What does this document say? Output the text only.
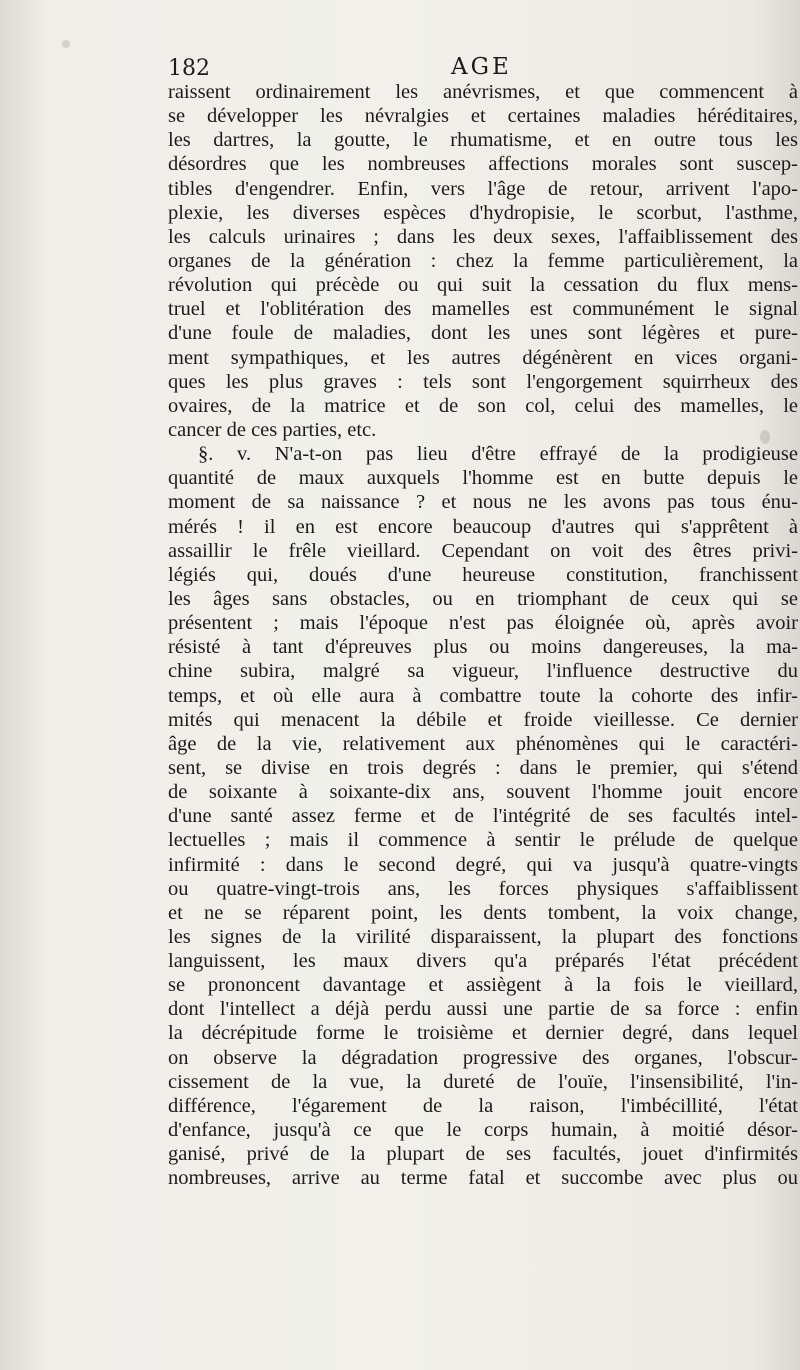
182	AGE
raissent ordinairement les anévrismes, et que commencent à
se développer les névralgies et certaines maladies héréditaires,
les dartres, la goutte, le rhumatisme, et en outre tous les
désordres que les nombreuses affections morales sont suscep-
tibles d'engendrer. Enfin, vers l'âge de retour, arrivent l'apo-
plexie, les diverses espèces d'hydropisie, le scorbut, l'asthme,
les calculs urinaires ; dans les deux sexes, l'affaiblissement des
organes de la génération : chez la femme particulièrement, la
révolution qui précède ou qui suit la cessation du flux mens-
truel et l'oblitération des mamelles est communément le signal
d'une foule de maladies, dont les unes sont légères et pure-
ment sympathiques, et les autres dégénèrent en vices organi-
ques les plus graves : tels sont l'engorgement squirrheux des
ovaires, de la matrice et de son col, celui des mamelles, le
cancer de ces parties, etc.
§. v. N'a-t-on pas lieu d'être effrayé de la prodigieuse
quantité de maux auxquels l'homme est en butte depuis le
moment de sa naissance ? et nous ne les avons pas tous énu-
mérés ! il en est encore beaucoup d'autres qui s'apprêtent à
assaillir le frêle vieillard. Cependant on voit des êtres privi-
légiés qui, doués d'une heureuse constitution, franchissent
les âges sans obstacles, ou en triomphant de ceux qui se
présentent ; mais l'époque n'est pas éloignée où, après avoir
résisté à tant d'épreuves plus ou moins dangereuses, la ma-
chine subira, malgré sa vigueur, l'influence destructive du
temps, et où elle aura à combattre toute la cohorte des infir-
mités qui menacent la débile et froide vieillesse. Ce dernier
âge de la vie, relativement aux phénomènes qui le caractéri-
sent, se divise en trois degrés : dans le premier, qui s'étend
de soixante à soixante-dix ans, souvent l'homme jouit encore
d'une santé assez ferme et de l'intégrité de ses facultés intel-
lectuelles ; mais il commence à sentir le prélude de quelque
infirmité : dans le second degré, qui va jusqu'à quatre-vingts
ou quatre-vingt-trois ans, les forces physiques s'affaiblissent
et ne se réparent point, les dents tombent, la voix change,
les signes de la virilité disparaissent, la plupart des fonctions
languissent, les maux divers qu'a préparés l'état précédent
se prononcent davantage et assiègent à la fois le vieillard,
dont l'intellect a déjà perdu aussi une partie de sa force : enfin
la décrépitude forme le troisième et dernier degré, dans lequel
on observe la dégradation progressive des organes, l'obscur-
cissement de la vue, la dureté de l'ouïe, l'insensibilité, l'in-
différence, l'égarement de la raison, l'imbécillité, l'état
d'enfance, jusqu'à ce que le corps humain, à moitié désor-
ganisé, privé de la plupart de ses facultés, jouet d'infirmités
nombreuses, arrive au terme fatal et succombe avec plus ou
